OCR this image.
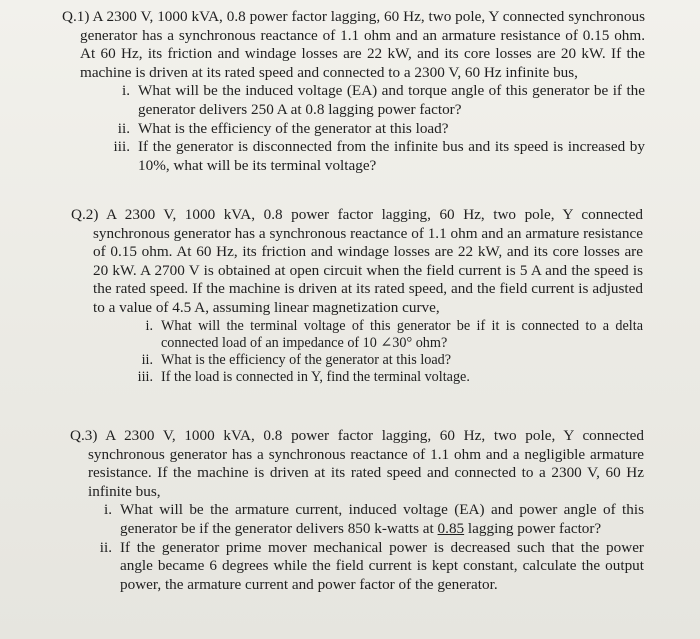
Q.1) A 2300 V, 1000 kVA, 0.8 power factor lagging, 60 Hz, two pole, Y connected synchronous generator has a synchronous reactance of 1.1 ohm and an armature resistance of 0.15 ohm. At 60 Hz, its friction and windage losses are 22 kW, and its core losses are 20 kW. If the machine is driven at its rated speed and connected to a 2300 V, 60 Hz infinite bus,

i. What will be the induced voltage (EA) and torque angle of this generator be if the generator delivers 250 A at 0.8 lagging power factor?
ii. What is the efficiency of the generator at this load?
iii. If the generator is disconnected from the infinite bus and its speed is increased by 10%, what will be its terminal voltage?

Q.2) A 2300 V, 1000 kVA, 0.8 power factor lagging, 60 Hz, two pole, Y connected synchronous generator has a synchronous reactance of 1.1 ohm and an armature resistance of 0.15 ohm. At 60 Hz, its friction and windage losses are 22 kW, and its core losses are 20 kW. A 2700 V is obtained at open circuit when the field current is 5 A and the speed is the rated speed. If the machine is driven at its rated speed, and the field current is adjusted to a value of 4.5 A, assuming linear magnetization curve,

i. What will the terminal voltage of this generator be if it is connected to a delta connected load of an impedance of 10 ∠30° ohm?
ii. What is the efficiency of the generator at this load?
iii. If the load is connected in Y, find the terminal voltage.

Q.3) A 2300 V, 1000 kVA, 0.8 power factor lagging, 60 Hz, two pole, Y connected synchronous generator has a synchronous reactance of 1.1 ohm and a negligible armature resistance. If the machine is driven at its rated speed and connected to a 2300 V, 60 Hz infinite bus,

i. What will be the armature current, induced voltage (EA) and power angle of this generator be if the generator delivers 850 k-watts at 0.85 lagging power factor?
ii. If the generator prime mover mechanical power is decreased such that the power angle became 6 degrees while the field current is kept constant, calculate the output power, the armature current and power factor of the generator.
